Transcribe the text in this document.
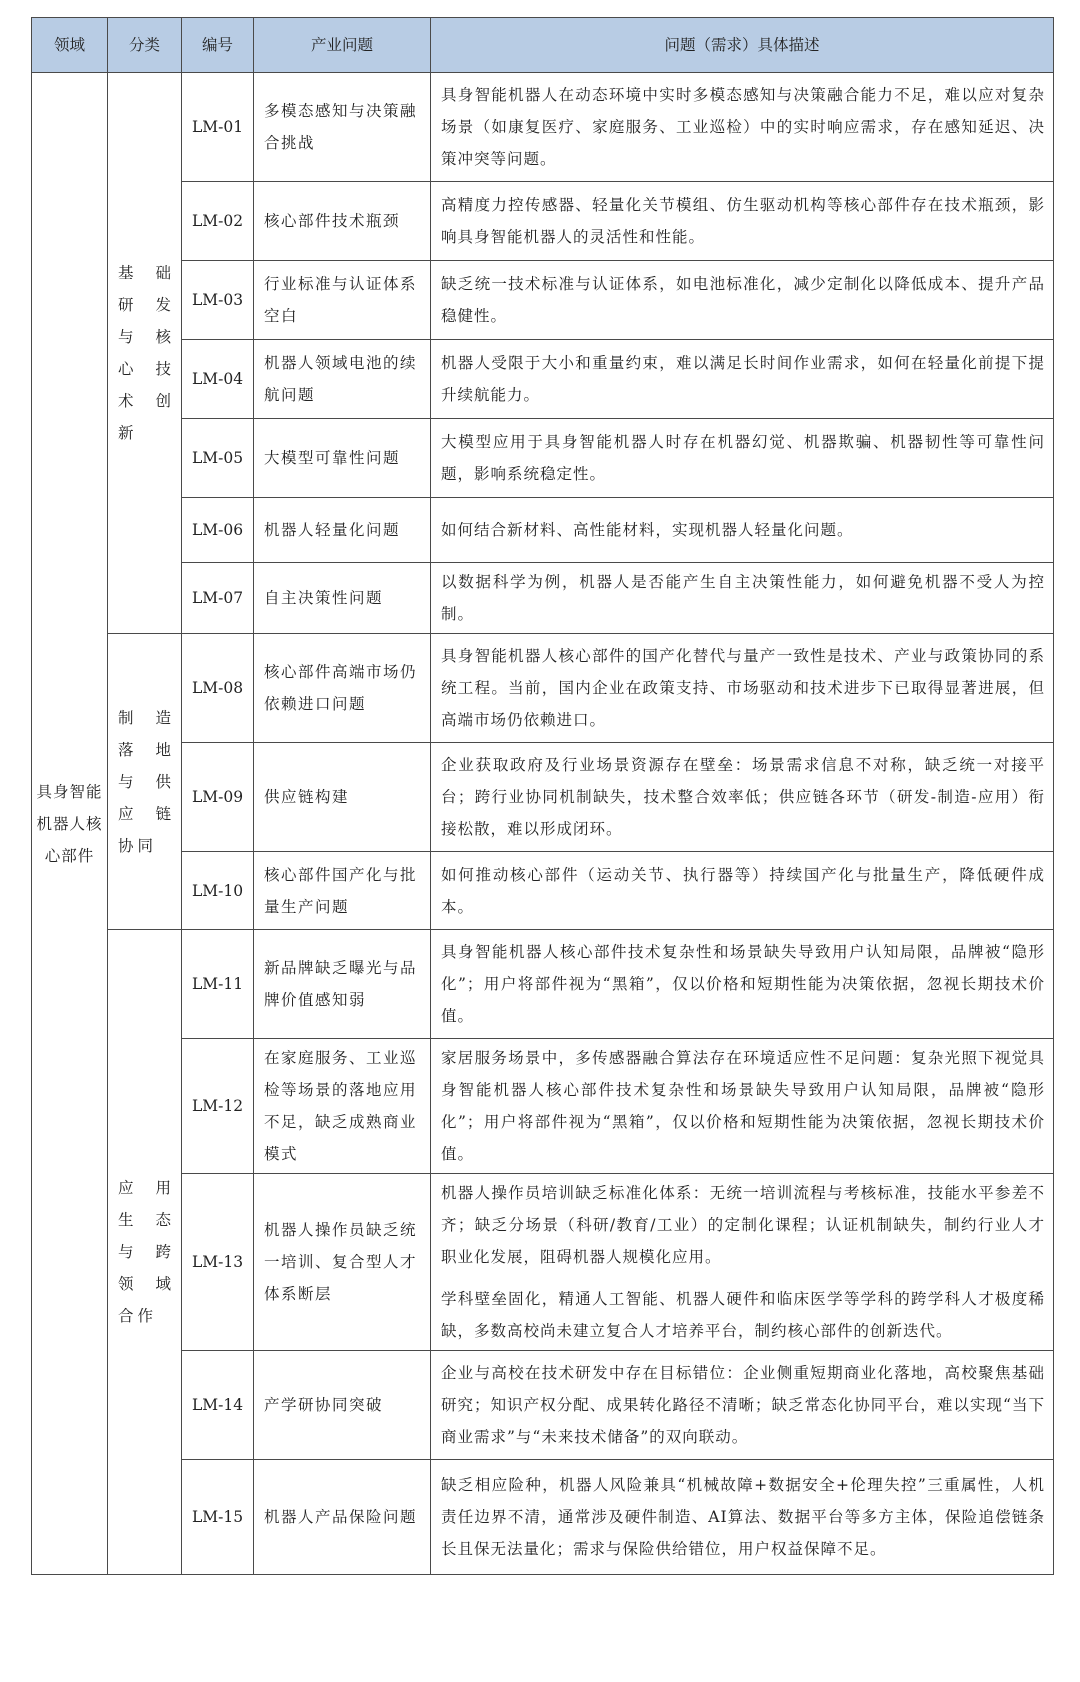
领域	分类	编号	产业问题	问题（需求）具体描述
具身智能机器人核心部件	基础研发与核心技术创新	LM-01	多模态感知与决策融合挑战	具身智能机器人在动态环境中实时多模态感知与决策融合能力不足，难以应对复杂场景（如康复医疗、家庭服务、工业巡检）中的实时响应需求，存在感知延迟、决策冲突等问题。

		LM-02	核心部件技术瓶颈	高精度力控传感器、轻量化关节模组、仿生驱动机构等核心部件存在技术瓶颈，影响具身智能机器人的灵活性和性能。

		LM-03	行业标准与认证体系空白	缺乏统一技术标准与认证体系，如电池标准化，减少定制化以降低成本、提升产品稳健性。

		LM-04	机器人领域电池的续航问题	机器人受限于大小和重量约束，难以满足长时间作业需求，如何在轻量化前提下提升续航能力。

		LM-05	大模型可靠性问题	大模型应用于具身智能机器人时存在机器幻觉、机器欺骗、机器韧性等可靠性问题，影响系统稳定性。

		LM-06	机器人轻量化问题	如何结合新材料、高性能材料，实现机器人轻量化问题。

		LM-07	自主决策性问题	以数据科学为例，机器人是否能产生自主决策性能力，如何避免机器不受人为控制。

	制造落地与供应链协同	LM-08	核心部件高端市场仍依赖进口问题	具身智能机器人核心部件的国产化替代与量产一致性是技术、产业与政策协同的系统工程。当前，国内企业在政策支持、市场驱动和技术进步下已取得显著进展，但高端市场仍依赖进口。

		LM-09	供应链构建	企业获取政府及行业场景资源存在壁垒：场景需求信息不对称，缺乏统一对接平台；跨行业协同机制缺失，技术整合效率低；供应链各环节（研发-制造-应用）衔接松散，难以形成闭环。

		LM-10	核心部件国产化与批量生产问题	如何推动核心部件（运动关节、执行器等）持续国产化与批量生产，降低硬件成本。

	应用生态与跨领域合作	LM-11	新品牌缺乏曝光与品牌价值感知弱	具身智能机器人核心部件技术复杂性和场景缺失导致用户认知局限，品牌被“隐形化”；用户将部件视为“黑箱”，仅以价格和短期性能为决策依据，忽视长期技术价值。

		LM-12	在家庭服务、工业巡检等场景的落地应用不足，缺乏成熟商业模式	家居服务场景中，多传感器融合算法存在环境适应性不足问题：复杂光照下视觉具身智能机器人核心部件技术复杂性和场景缺失导致用户认知局限，品牌被“隐形化”；用户将部件视为“黑箱”，仅以价格和短期性能为决策依据，忽视长期技术价值。

		LM-13	机器人操作员缺乏统一培训、复合型人才体系断层	机器人操作员培训缺乏标准化体系：无统一培训流程与考核标准，技能水平参差不齐；缺乏分场景（科研/教育/工业）的定制化课程；认证机制缺失，制约行业人才职业化发展，阻碍机器人规模化应用。
学科壁垒固化，精通人工智能、机器人硬件和临床医学等学科的跨学科人才极度稀缺，多数高校尚未建立复合人才培养平台，制约核心部件的创新迭代。

		LM-14	产学研协同突破	企业与高校在技术研发中存在目标错位：企业侧重短期商业化落地，高校聚焦基础研究；知识产权分配、成果转化路径不清晰；缺乏常态化协同平台，难以实现“当下商业需求”与“未来技术储备”的双向联动。

		LM-15	机器人产品保险问题	缺乏相应险种，机器人风险兼具“机械故障+数据安全+伦理失控”三重属性，人机责任边界不清，通常涉及硬件制造、AI算法、数据平台等多方主体，保险追偿链条长且保无法量化；需求与保险供给错位，用户权益保障不足。
